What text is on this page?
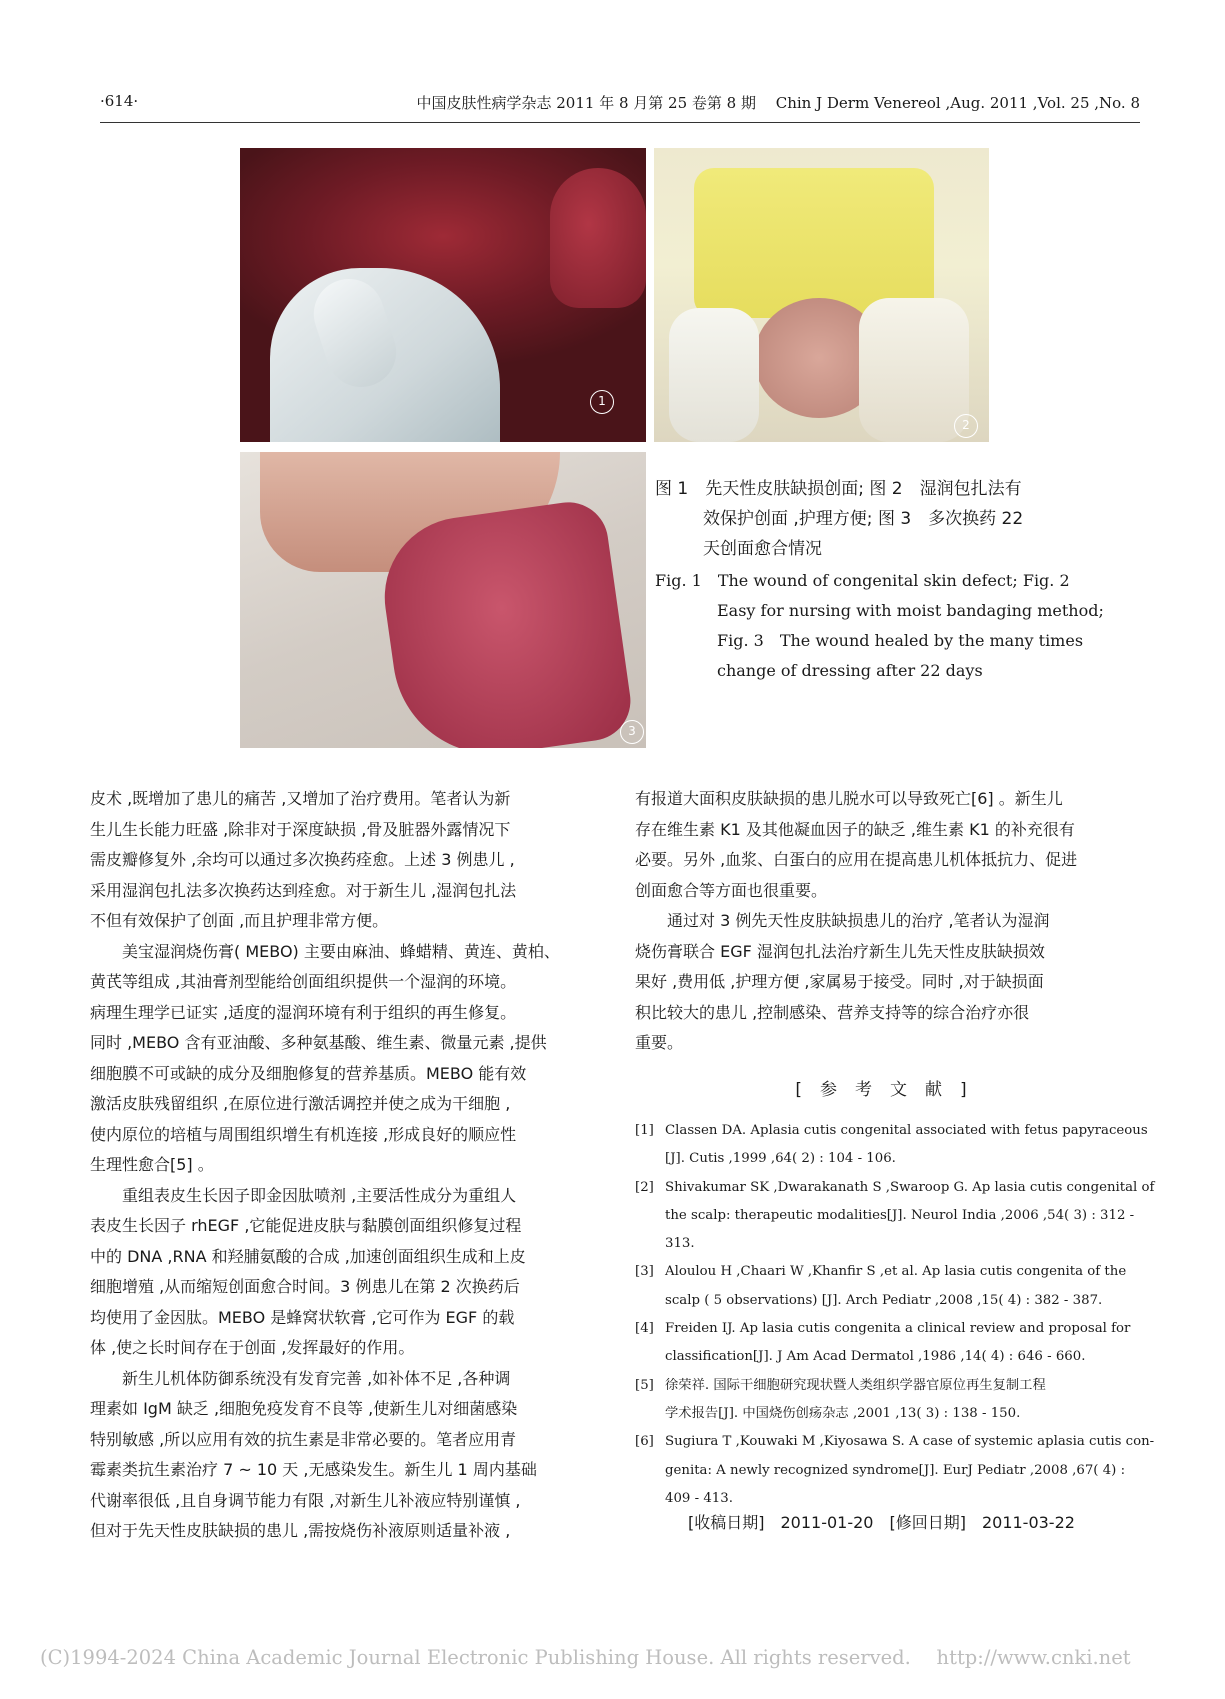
·614·	中国皮肤性病学杂志 2011 年 8 月第 25 卷第 8 期　 Chin J Derm Venereol ,Aug. 2011 ,Vol. 25 ,No. 8
1
2
3
图 1　先天性皮肤缺损创面; 图 2　湿润包扎法有
效保护创面 ,护理方便; 图 3　多次换药 22
天创面愈合情况
Fig. 1　The wound of congenital skin defect; Fig. 2
Easy for nursing with moist bandaging method;
Fig. 3　The wound healed by the many times
change of dressing after 22 days

皮术 ,既增加了患儿的痛苦 ,又增加了治疗费用。笔者认为新
生儿生长能力旺盛 ,除非对于深度缺损 ,骨及脏器外露情况下
需皮瓣修复外 ,余均可以通过多次换药痊愈。上述 3 例患儿 ,
采用湿润包扎法多次换药达到痊愈。对于新生儿 ,湿润包扎法
不但有效保护了创面 ,而且护理非常方便。

　　美宝湿润烧伤膏( MEBO) 主要由麻油、蜂蜡精、黄连、黄柏、
黄芪等组成 ,其油膏剂型能给创面组织提供一个湿润的环境。
病理生理学已证实 ,适度的湿润环境有利于组织的再生修复。
同时 ,MEBO 含有亚油酸、多种氨基酸、维生素、微量元素 ,提供
细胞膜不可或缺的成分及细胞修复的营养基质。MEBO 能有效
激活皮肤残留组织 ,在原位进行激活调控并使之成为干细胞 ,
使内原位的培植与周围组织增生有机连接 ,形成良好的顺应性
生理性愈合[5] 。

　　重组表皮生长因子即金因肽喷剂 ,主要活性成分为重组人
表皮生长因子 rhEGF ,它能促进皮肤与黏膜创面组织修复过程
中的 DNA ,RNA 和羟脯氨酸的合成 ,加速创面组织生成和上皮
细胞增殖 ,从而缩短创面愈合时间。3 例患儿在第 2 次换药后
均使用了金因肽。MEBO 是蜂窝状软膏 ,它可作为 EGF 的载
体 ,使之长时间存在于创面 ,发挥最好的作用。

　　新生儿机体防御系统没有发育完善 ,如补体不足 ,各种调
理素如 IgM 缺乏 ,细胞免疫发育不良等 ,使新生儿对细菌感染
特别敏感 ,所以应用有效的抗生素是非常必要的。笔者应用青
霉素类抗生素治疗 7 ~ 10 天 ,无感染发生。新生儿 1 周内基础
代谢率很低 ,且自身调节能力有限 ,对新生儿补液应特别谨慎 ,
但对于先天性皮肤缺损的患儿 ,需按烧伤补液原则适量补液 ,

有报道大面积皮肤缺损的患儿脱水可以导致死亡[6] 。新生儿
存在维生素 K1 及其他凝血因子的缺乏 ,维生素 K1 的补充很有
必要。另外 ,血浆、白蛋白的应用在提高患儿机体抵抗力、促进
创面愈合等方面也很重要。

　　通过对 3 例先天性皮肤缺损患儿的治疗 ,笔者认为湿润
烧伤膏联合 EGF 湿润包扎法治疗新生儿先天性皮肤缺损效
果好 ,费用低 ,护理方便 ,家属易于接受。同时 ,对于缺损面
积比较大的患儿 ,控制感染、营养支持等的综合治疗亦很
重要。

[参考文献]
[1] Classen DA. Aplasia cutis congenital associated with fetus papyraceous
[J]. Cutis ,1999 ,64( 2) : 104 - 106.
[2] Shivakumar SK ,Dwarakanath S ,Swaroop G. Ap lasia cutis congenital of
the scalp: therapeutic modalities[J]. Neurol India ,2006 ,54( 3) : 312 -
313.
[3] Aloulou H ,Chaari W ,Khanfir S ,et al. Ap lasia cutis congenita of the
scalp ( 5 observations) [J]. Arch Pediatr ,2008 ,15( 4) : 382 - 387.
[4] Freiden IJ. Ap lasia cutis congenita a clinical review and proposal for
classification[J]. J Am Acad Dermatol ,1986 ,14( 4) : 646 - 660.
[5] 徐荣祥. 国际干细胞研究现状暨人类组织学器官原位再生复制工程
学术报告[J]. 中国烧伤创疡杂志 ,2001 ,13( 3) : 138 - 150.
[6] Sugiura T ,Kouwaki M ,Kiyosawa S. A case of systemic aplasia cutis con-
genita: A newly recognized syndrome[J]. EurJ Pediatr ,2008 ,67( 4) :
409 - 413.
[收稿日期]　2011-01-20　[修回日期]　2011-03-22
(C)1994-2024 China Academic Journal Electronic Publishing House. All rights reserved.　 http://www.cnki.net
